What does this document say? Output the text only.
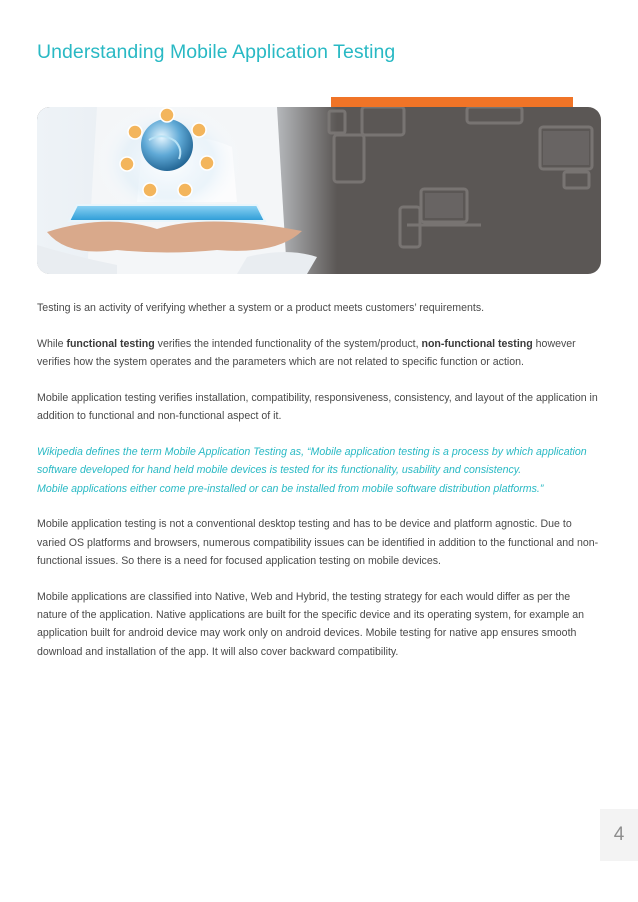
Understanding Mobile Application Testing

Testing is an activity of verifying whether a system or a product meets customers’ requirements.

While functional testing verifies the intended functionality of the system/product, non-functional testing however verifies how the system operates and the parameters which are not related to specific function or action.

Mobile application testing verifies installation, compatibility, responsiveness, consistency, and layout of the application in addition to functional and non-functional aspect of it.

Wikipedia defines the term Mobile Application Testing as, “Mobile application testing is a process by which application
software developed for hand held mobile devices is tested for its functionality, usability and consistency.
Mobile applications either come pre-installed or can be installed from mobile software distribution platforms.”

Mobile application testing is not a conventional desktop testing and has to be device and platform agnostic. Due to varied OS platforms and browsers, numerous compatibility issues can be identified in addition to the functional and non-functional issues. So there is a need for focused application testing on mobile devices.

Mobile applications are classified into Native, Web and Hybrid, the testing strategy for each would differ as per the nature of the application. Native applications are built for the specific device and its operating system, for example an application built for android device may work only on android devices. Mobile testing for native app ensures smooth download and installation of the app. It will also cover backward compatibility.

4
